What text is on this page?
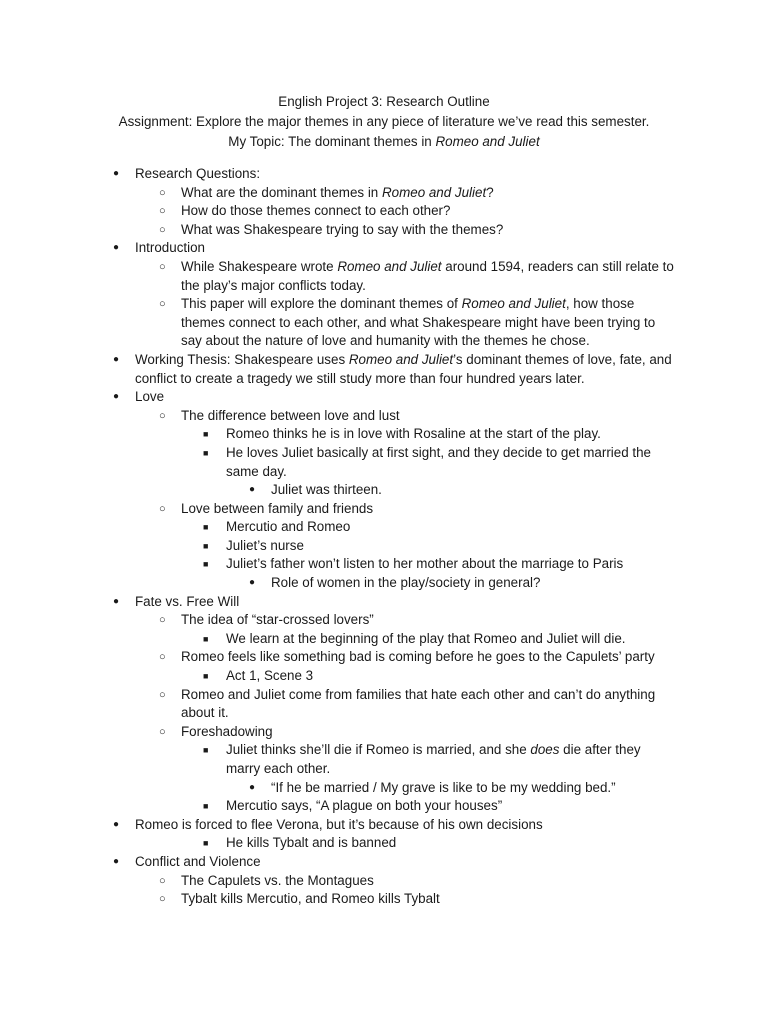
English Project 3: Research Outline
Assignment: Explore the major themes in any piece of literature we’ve read this semester.
My Topic: The dominant themes in Romeo and Juliet
● Research Questions:
○ What are the dominant themes in Romeo and Juliet?
○ How do those themes connect to each other?
○ What was Shakespeare trying to say with the themes?
● Introduction
○ While Shakespeare wrote Romeo and Juliet around 1594, readers can still relate to the play’s major conflicts today.
○ This paper will explore the dominant themes of Romeo and Juliet, how those themes connect to each other, and what Shakespeare might have been trying to say about the nature of love and humanity with the themes he chose.
● Working Thesis: Shakespeare uses Romeo and Juliet’s dominant themes of love, fate, and conflict to create a tragedy we still study more than four hundred years later.
● Love
○ The difference between love and lust
■ Romeo thinks he is in love with Rosaline at the start of the play.
■ He loves Juliet basically at first sight, and they decide to get married the same day.
● Juliet was thirteen.
○ Love between family and friends
■ Mercutio and Romeo
■ Juliet’s nurse
■ Juliet’s father won’t listen to her mother about the marriage to Paris
● Role of women in the play/society in general?
● Fate vs. Free Will
○ The idea of “star-crossed lovers”
■ We learn at the beginning of the play that Romeo and Juliet will die.
○ Romeo feels like something bad is coming before he goes to the Capulets’ party
■ Act 1, Scene 3
○ Romeo and Juliet come from families that hate each other and can’t do anything about it.
○ Foreshadowing
■ Juliet thinks she’ll die if Romeo is married, and she does die after they marry each other.
● “If he be married / My grave is like to be my wedding bed.”
■ Mercutio says, “A plague on both your houses”
● Romeo is forced to flee Verona, but it’s because of his own decisions
■ He kills Tybalt and is banned
● Conflict and Violence
○ The Capulets vs. the Montagues
○ Tybalt kills Mercutio, and Romeo kills Tybalt
